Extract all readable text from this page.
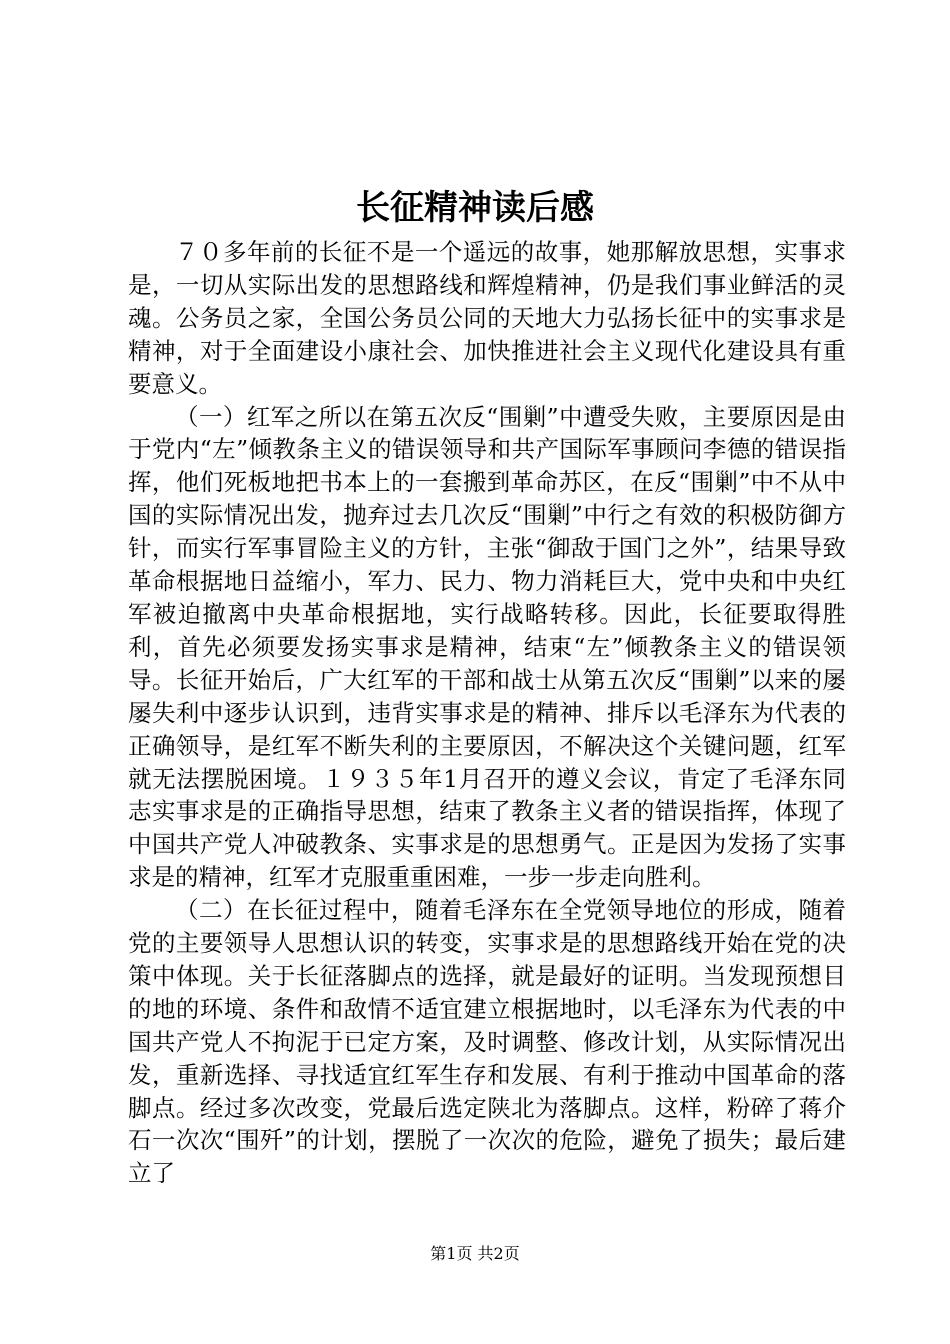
长征精神读后感

７０多年前的长征不是一个遥远的故事，她那解放思想，实事求是，一切从实际出发的思想路线和辉煌精神，仍是我们事业鲜活的灵魂。公务员之家，全国公务员公同的天地大力弘扬长征中的实事求是精神，对于全面建设小康社会、加快推进社会主义现代化建设具有重要意义。

（一）红军之所以在第五次反“围剿”中遭受失败，主要原因是由于党内“左”倾教条主义的错误领导和共产国际军事顾问李德的错误指挥，他们死板地把书本上的一套搬到革命苏区，在反“围剿”中不从中国的实际情况出发，抛弃过去几次反“围剿”中行之有效的积极防御方针，而实行军事冒险主义的方针，主张“御敌于国门之外”，结果导致革命根据地日益缩小，军力、民力、物力消耗巨大，党中央和中央红军被迫撤离中央革命根据地，实行战略转移。因此，长征要取得胜利，首先必须要发扬实事求是精神，结束“左”倾教条主义的错误领导。长征开始后，广大红军的干部和战士从第五次反“围剿”以来的屡屡失利中逐步认识到，违背实事求是的精神、排斥以毛泽东为代表的正确领导，是红军不断失利的主要原因，不解决这个关键问题，红军就无法摆脱困境。１９３５年1月召开的遵义会议，肯定了毛泽东同志实事求是的正确指导思想，结束了教条主义者的错误指挥，体现了中国共产党人冲破教条、实事求是的思想勇气。正是因为发扬了实事求是的精神，红军才克服重重困难，一步一步走向胜利。

（二）在长征过程中，随着毛泽东在全党领导地位的形成，随着党的主要领导人思想认识的转变，实事求是的思想路线开始在党的决策中体现。关于长征落脚点的选择，就是最好的证明。当发现预想目的地的环境、条件和敌情不适宜建立根据地时，以毛泽东为代表的中国共产党人不拘泥于已定方案，及时调整、修改计划，从实际情况出发，重新选择、寻找适宜红军生存和发展、有利于推动中国革命的落脚点。经过多次改变，党最后选定陕北为落脚点。这样，粉碎了蒋介石一次次“围歼”的计划，摆脱了一次次的危险，避免了损失；最后建立了

第1页 共2页
